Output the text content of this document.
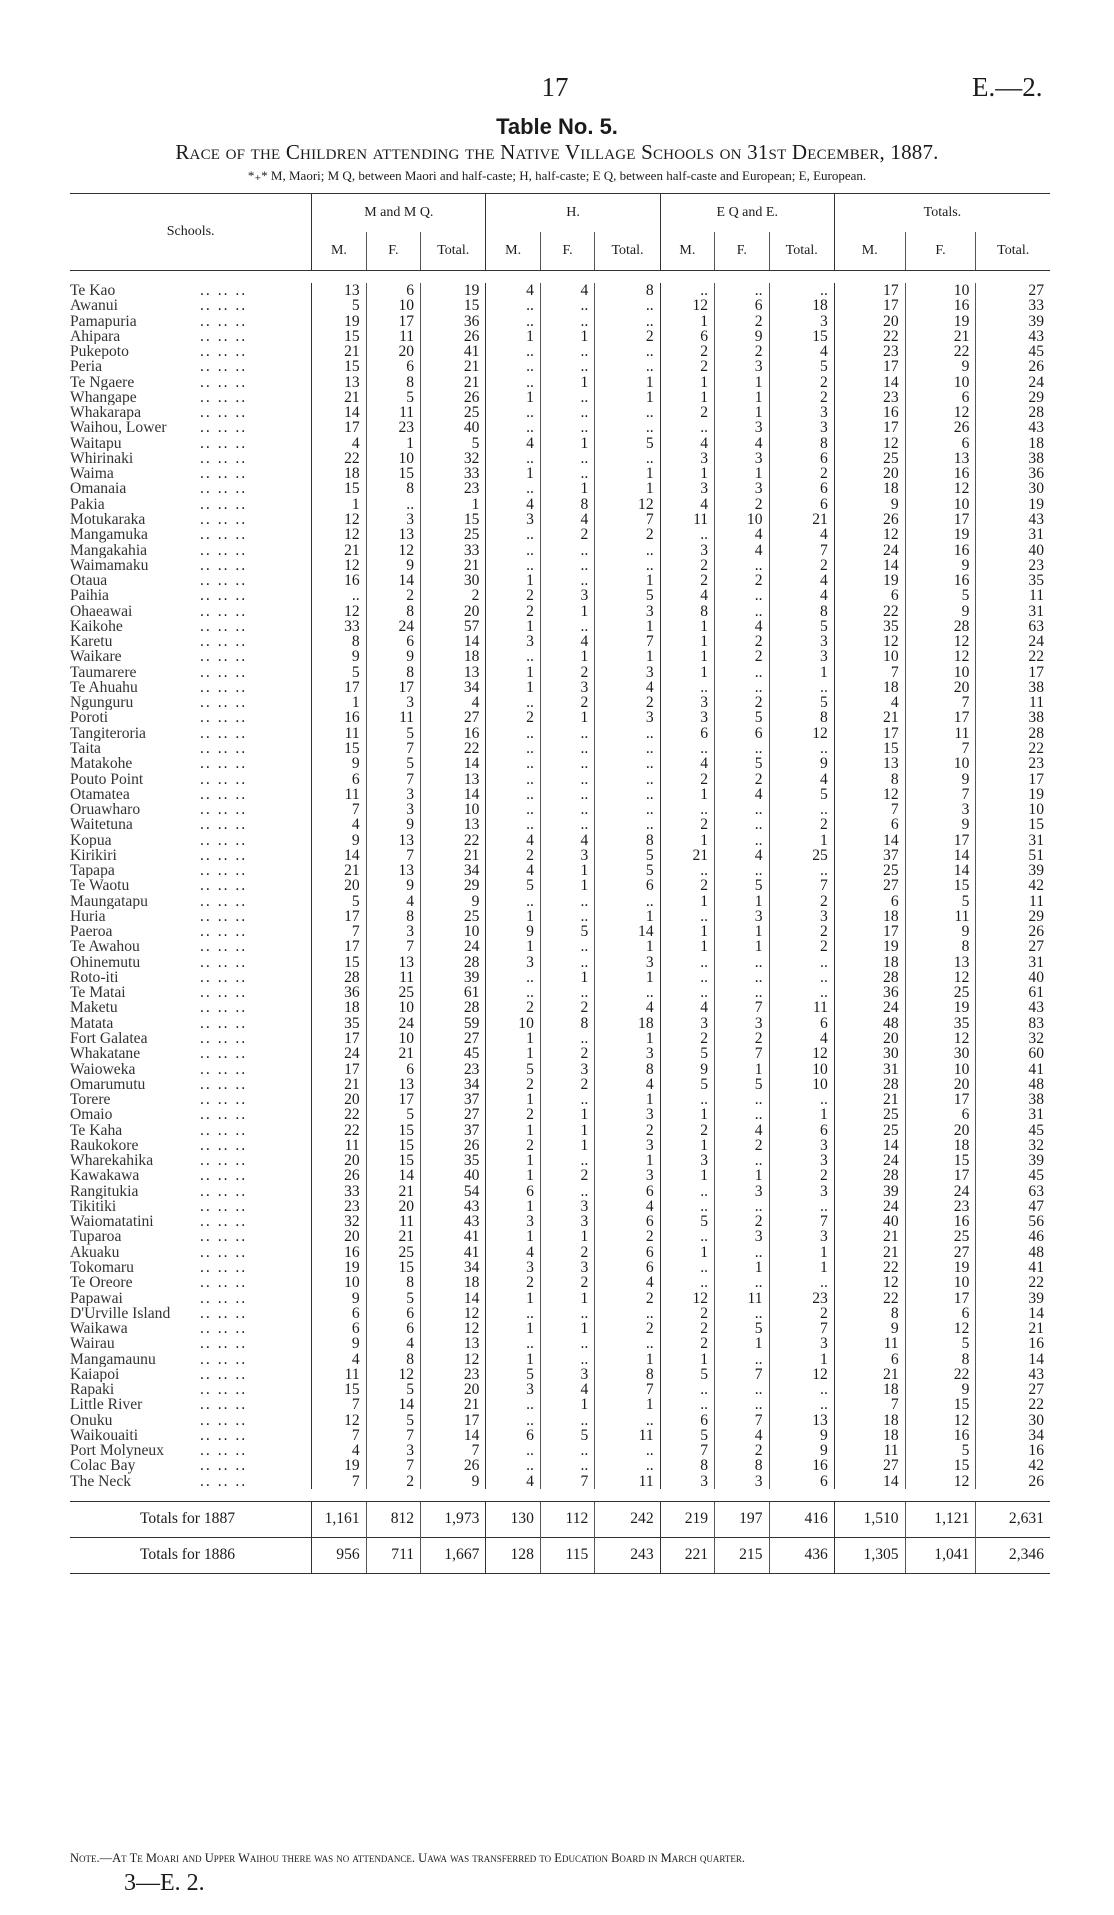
17	E.—2.
Table No. 5.
Race of the Children attending the Native Village Schools on 31st December, 1887.
*₊* M, Maori; M Q, between Maori and half-caste; H, half-caste; E Q, between half-caste and European; E, European.
Schools.	M and M Q.			H.			E Q and E.			Totals.		
	M.	F.	Total.	M.	F.	Total.	M.	F.	Total.	M.	F.	Total.

Te Kao .. .. ..	13	6	19	4	4	8	..	..	..	17	10	27
Awanui .. .. ..	5	10	15	..	..	..	12	6	18	17	16	33
Pamapuria .. .. ..	19	17	36	..	..	..	1	2	3	20	19	39
Ahipara .. .. ..	15	11	26	1	1	2	6	9	15	22	21	43
Pukepoto .. .. ..	21	20	41	..	..	..	2	2	4	23	22	45
Peria .. .. ..	15	6	21	..	..	..	2	3	5	17	9	26
Te Ngaere .. .. ..	13	8	21	..	1	1	1	1	2	14	10	24
Whangape .. .. ..	21	5	26	1	..	1	1	1	2	23	6	29
Whakarapa .. .. ..	14	11	25	..	..	..	2	1	3	16	12	28
Waihou, Lower .. .. ..	17	23	40	..	..	..	..	3	3	17	26	43
Waitapu .. .. ..	4	1	5	4	1	5	4	4	8	12	6	18
Whirinaki .. .. ..	22	10	32	..	..	..	3	3	6	25	13	38
Waima .. .. ..	18	15	33	1	..	1	1	1	2	20	16	36
Omanaia .. .. ..	15	8	23	..	1	1	3	3	6	18	12	30
Pakia .. .. ..	1	..	1	4	8	12	4	2	6	9	10	19
Motukaraka .. .. ..	12	3	15	3	4	7	11	10	21	26	17	43
Mangamuka .. .. ..	12	13	25	..	2	2	..	4	4	12	19	31
Mangakahia .. .. ..	21	12	33	..	..	..	3	4	7	24	16	40
Waimamaku .. .. ..	12	9	21	..	..	..	2	..	2	14	9	23
Otaua .. .. ..	16	14	30	1	..	1	2	2	4	19	16	35
Paihia .. .. ..	..	2	2	2	3	5	4	..	4	6	5	11
Ohaeawai .. .. ..	12	8	20	2	1	3	8	..	8	22	9	31
Kaikohe .. .. ..	33	24	57	1	..	1	1	4	5	35	28	63
Karetu .. .. ..	8	6	14	3	4	7	1	2	3	12	12	24
Waikare .. .. ..	9	9	18	..	1	1	1	2	3	10	12	22
Taumarere .. .. ..	5	8	13	1	2	3	1	..	1	7	10	17
Te Ahuahu .. .. ..	17	17	34	1	3	4	..	..	..	18	20	38
Ngunguru .. .. ..	1	3	4	..	2	2	3	2	5	4	7	11
Poroti .. .. ..	16	11	27	2	1	3	3	5	8	21	17	38
Tangiteroria .. .. ..	11	5	16	..	..	..	6	6	12	17	11	28
Taita .. .. ..	15	7	22	..	..	..	..	..	..	15	7	22
Matakohe .. .. ..	9	5	14	..	..	..	4	5	9	13	10	23
Pouto Point .. .. ..	6	7	13	..	..	..	2	2	4	8	9	17
Otamatea .. .. ..	11	3	14	..	..	..	1	4	5	12	7	19
Oruawharo .. .. ..	7	3	10	..	..	..	..	..	..	7	3	10
Waitetuna .. .. ..	4	9	13	..	..	..	2	..	2	6	9	15
Kopua .. .. ..	9	13	22	4	4	8	1	..	1	14	17	31
Kirikiri .. .. ..	14	7	21	2	3	5	21	4	25	37	14	51
Tapapa .. .. ..	21	13	34	4	1	5	..	..	..	25	14	39
Te Waotu .. .. ..	20	9	29	5	1	6	2	5	7	27	15	42
Maungatapu .. .. ..	5	4	9	..	..	..	1	1	2	6	5	11
Huria .. .. ..	17	8	25	1	..	1	..	3	3	18	11	29
Paeroa .. .. ..	7	3	10	9	5	14	1	1	2	17	9	26
Te Awahou .. .. ..	17	7	24	1	..	1	1	1	2	19	8	27
Ohinemutu .. .. ..	15	13	28	3	..	3	..	..	..	18	13	31
Roto-iti .. .. ..	28	11	39	..	1	1	..	..	..	28	12	40
Te Matai .. .. ..	36	25	61	..	..	..	..	..	..	36	25	61
Maketu .. .. ..	18	10	28	2	2	4	4	7	11	24	19	43
Matata .. .. ..	35	24	59	10	8	18	3	3	6	48	35	83
Fort Galatea .. .. ..	17	10	27	1	..	1	2	2	4	20	12	32
Whakatane .. .. ..	24	21	45	1	2	3	5	7	12	30	30	60
Waioweka .. .. ..	17	6	23	5	3	8	9	1	10	31	10	41
Omarumutu .. .. ..	21	13	34	2	2	4	5	5	10	28	20	48
Torere .. .. ..	20	17	37	1	..	1	..	..	..	21	17	38
Omaio .. .. ..	22	5	27	2	1	3	1	..	1	25	6	31
Te Kaha .. .. ..	22	15	37	1	1	2	2	4	6	25	20	45
Raukokore .. .. ..	11	15	26	2	1	3	1	2	3	14	18	32
Wharekahika .. .. ..	20	15	35	1	..	1	3	..	3	24	15	39
Kawakawa .. .. ..	26	14	40	1	2	3	1	1	2	28	17	45
Rangitukia .. .. ..	33	21	54	6	..	6	..	3	3	39	24	63
Tikitiki .. .. ..	23	20	43	1	3	4	..	..	..	24	23	47
Waiomatatini .. .. ..	32	11	43	3	3	6	5	2	7	40	16	56
Tuparoa .. .. ..	20	21	41	1	1	2	..	3	3	21	25	46
Akuaku .. .. ..	16	25	41	4	2	6	1	..	1	21	27	48
Tokomaru .. .. ..	19	15	34	3	3	6	..	1	1	22	19	41
Te Oreore .. .. ..	10	8	18	2	2	4	..	..	..	12	10	22
Papawai .. .. ..	9	5	14	1	1	2	12	11	23	22	17	39
D'Urville Island .. .. ..	6	6	12	..	..	..	2	..	2	8	6	14
Waikawa .. .. ..	6	6	12	1	1	2	2	5	7	9	12	21
Wairau .. .. ..	9	4	13	..	..	..	2	1	3	11	5	16
Mangamaunu .. .. ..	4	8	12	1	..	1	1	..	1	6	8	14
Kaiapoi .. .. ..	11	12	23	5	3	8	5	7	12	21	22	43
Rapaki .. .. ..	15	5	20	3	4	7	..	..	..	18	9	27
Little River .. .. ..	7	14	21	..	1	1	..	..	..	7	15	22
Onuku .. .. ..	12	5	17	..	..	..	6	7	13	18	12	30
Waikouaiti .. .. ..	7	7	14	6	5	11	5	4	9	18	16	34
Port Molyneux .. .. ..	4	3	7	..	..	..	7	2	9	11	5	16
Colac Bay .. .. ..	19	7	26	..	..	..	8	8	16	27	15	42
The Neck .. .. ..	7	2	9	4	7	11	3	3	6	14	12	26

Totals for 1887	1,161	812	1,973	130	112	242	219	197	416	1,510	1,121	2,631
Totals for 1886	956	711	1,667	128	115	243	221	215	436	1,305	1,041	2,346
Note.—At Te Moari and Upper Waihou there was no attendance. Uawa was transferred to Education Board in March quarter.
3—E. 2.
